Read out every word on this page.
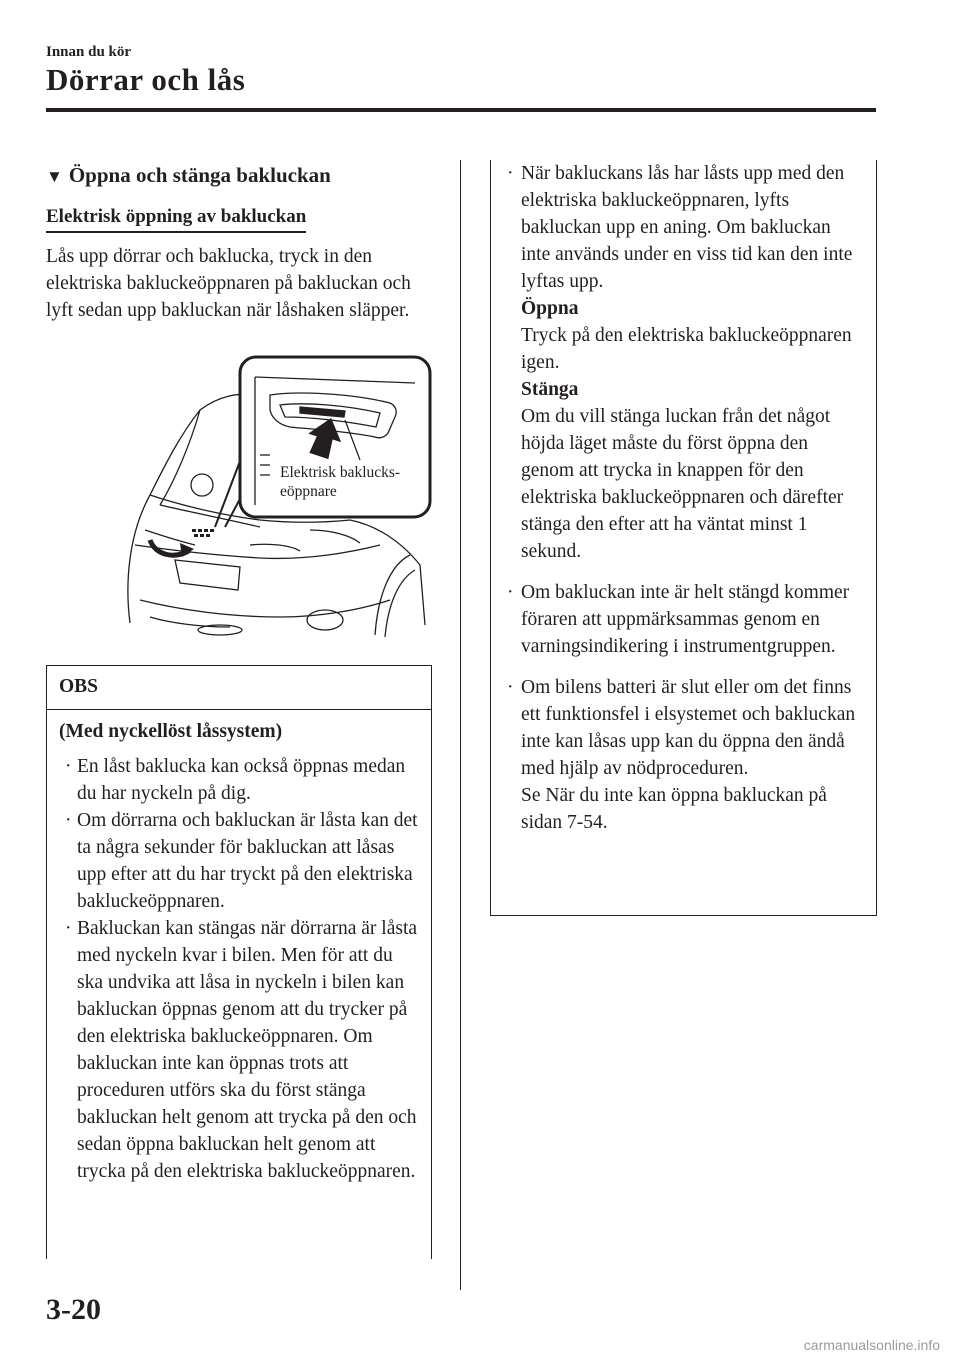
Innan du kör
Dörrar och lås
▼ Öppna och stänga bakluckan
Elektrisk öppning av bakluckan
Lås upp dörrar och baklucka, tryck in den elektriska bakluckeöppnaren på bakluckan och lyft sedan upp bakluckan när låshaken släpper.
Elektrisk baklucks-
eöppnare
OBS
(Med nyckellöst låssystem)
· En låst baklucka kan också öppnas medan du har nyckeln på dig.
· Om dörrarna och bakluckan är låsta kan det ta några sekunder för bakluckan att låsas upp efter att du har tryckt på den elektriska bakluckeöppnaren.
· Bakluckan kan stängas när dörrarna är låsta med nyckeln kvar i bilen. Men för att du ska undvika att låsa in nyckeln i bilen kan bakluckan öppnas genom att du trycker på den elektriska bakluckeöppnaren. Om bakluckan inte kan öppnas trots att proceduren utförs ska du först stänga bakluckan helt genom att trycka på den och sedan öppna bakluckan helt genom att trycka på den elektriska bakluckeöppnaren.
· När bakluckans lås har låsts upp med den elektriska bakluckeöppnaren, lyfts bakluckan upp en aning. Om bakluckan inte används under en viss tid kan den inte lyftas upp.
Öppna
Tryck på den elektriska bakluckeöppnaren igen.
Stänga
Om du vill stänga luckan från det något höjda läget måste du först öppna den genom att trycka in knappen för den elektriska bakluckeöppnaren och därefter stänga den efter att ha väntat minst 1 sekund.
· Om bakluckan inte är helt stängd kommer föraren att uppmärksammas genom en varningsindikering i instrumentgruppen.
· Om bilens batteri är slut eller om det finns ett funktionsfel i elsystemet och bakluckan inte kan låsas upp kan du öppna den ändå med hjälp av nödproceduren.
Se När du inte kan öppna bakluckan på sidan 7-54.
3-20
carmanualsonline.info
